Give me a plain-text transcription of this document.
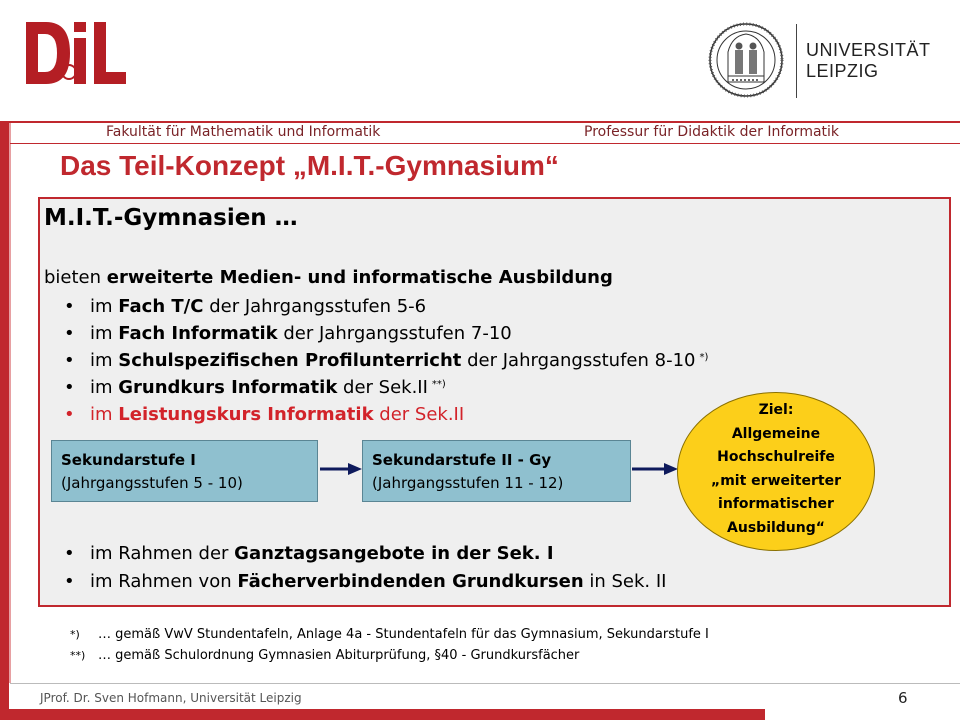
UNIVERSITÄT
LEIPZIG
Fakultät für Mathematik und Informatik	Professur für Didaktik der Informatik
Das Teil-Konzept „M.I.T.-Gymnasium“
M.I.T.-Gymnasien …
bieten erweiterte Medien- und informatische Ausbildung
• im Fach T/C der Jahrgangsstufen 5-6
• im Fach Informatik der Jahrgangsstufen 7-10
• im Schulspezifischen Profilunterricht der Jahrgangsstufen 8-10 *)
• im Grundkurs Informatik der Sek.II **)
• im Leistungskurs Informatik der Sek.II
Sekundarstufe I
(Jahrgangsstufen 5 - 10)
Sekundarstufe II - Gy
(Jahrgangsstufen 11 - 12)
Ziel:
Allgemeine
Hochschulreife
„mit erweiterter
informatischer
Ausbildung“
• im Rahmen der Ganztagsangebote in der Sek. I
• im Rahmen von Fächerverbindenden Grundkursen in Sek. II
*) … gemäß VwV Stundentafeln, Anlage 4a - Stundentafeln für das Gymnasium, Sekundarstufe I
**) … gemäß Schulordnung Gymnasien Abiturprüfung, §40 - Grundkursfächer
JProf. Dr. Sven Hofmann, Universität Leipzig	6
